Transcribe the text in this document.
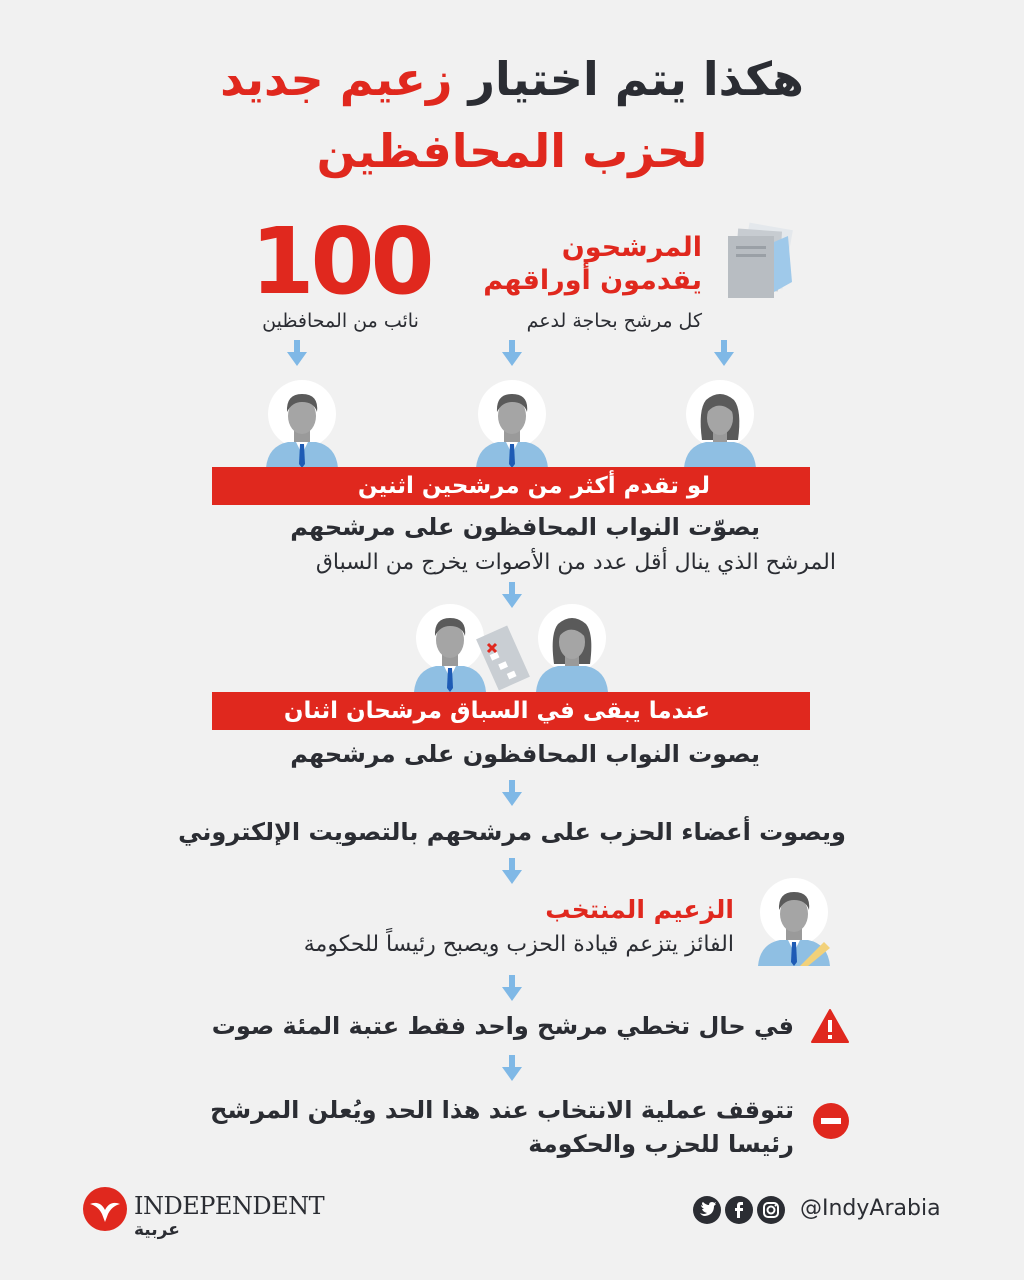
هكذا يتم اختيار زعيم جديد
لحزب المحافظين
المرشحون
يقدمون أوراقهم
كل مرشح بحاجة لدعم
100
نائب من المحافظين
لو تقدم أكثر من مرشحين اثنين
يصوّت النواب المحافظون على مرشحهم
المرشح الذي ينال أقل عدد من الأصوات يخرج من السباق
عندما يبقى في السباق مرشحان اثنان
يصوت النواب المحافظون على مرشحهم
ويصوت أعضاء الحزب على مرشحهم بالتصويت الإلكتروني
الزعيم المنتخب
الفائز يتزعم قيادة الحزب ويصبح رئيساً للحكومة
في حال تخطي مرشح واحد فقط عتبة المئة صوت
تتوقف عملية الانتخاب عند هذا الحد ويُعلن المرشح
رئيسا للحزب والحكومة
INDEPENDENT
عربية
@IndyArabia
